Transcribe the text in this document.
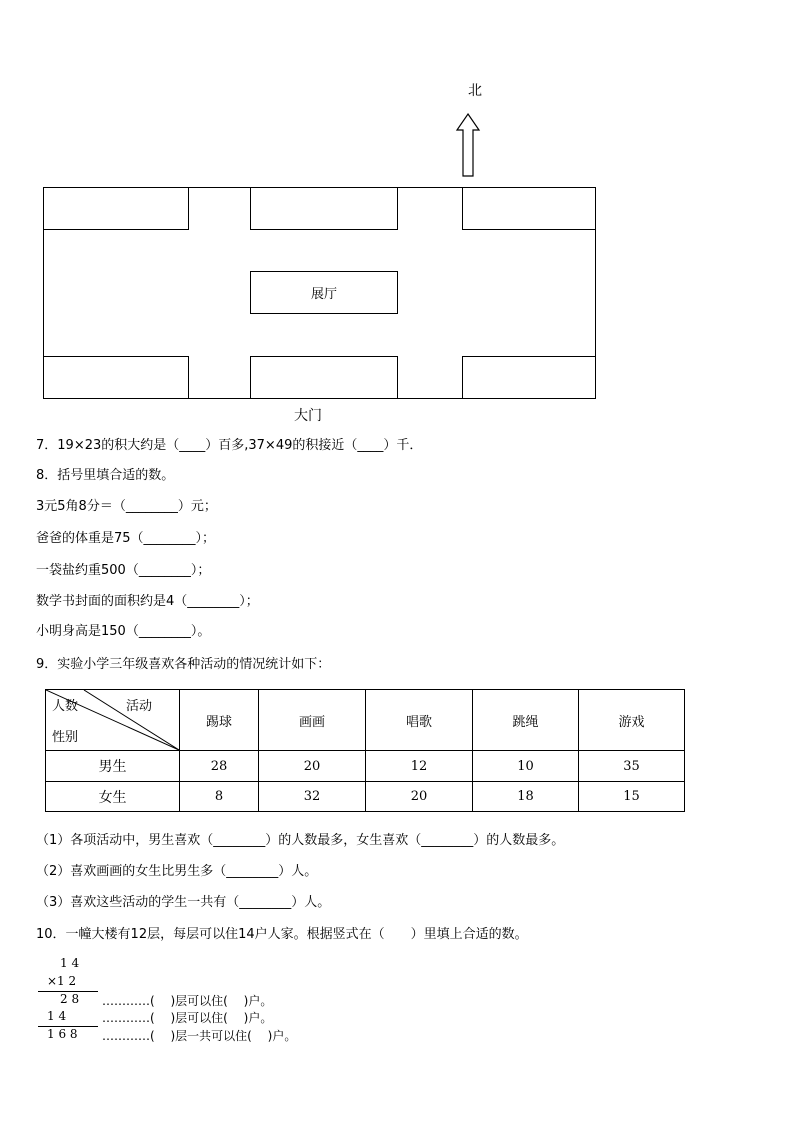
北
展厅
大门
7．19×23的积大约是（____）百多,37×49的积接近（____）千．
8．括号里填合适的数。
3元5角8分＝（________）元；
爸爸的体重是75（________）；
一袋盐约重500（________）；
数学书封面的面积约是4（________）；
小明身高是150（________）。
9．实验小学三年级喜欢各种活动的情况统计如下：
人数 活动
性别	踢球	画画	唱歌	跳绳	游戏
男生	28	20	12	10	35
女生	8	32	20	18	15
（1）各项活动中，男生喜欢（________）的人数最多，女生喜欢（________）的人数最多。
（2）喜欢画画的女生比男生多（________）人。
（3）喜欢这些活动的学生一共有（________）人。
10．一幢大楼有12层，每层可以住14户人家。根据竖式在（　　）里填上合适的数。
1 4
×1 2
2 8 …………(　 )层可以住(　 )户。
1 4	…………(　 )层可以住(　 )户。
1 6 8 …………(　 )层一共可以住(　 )户。
